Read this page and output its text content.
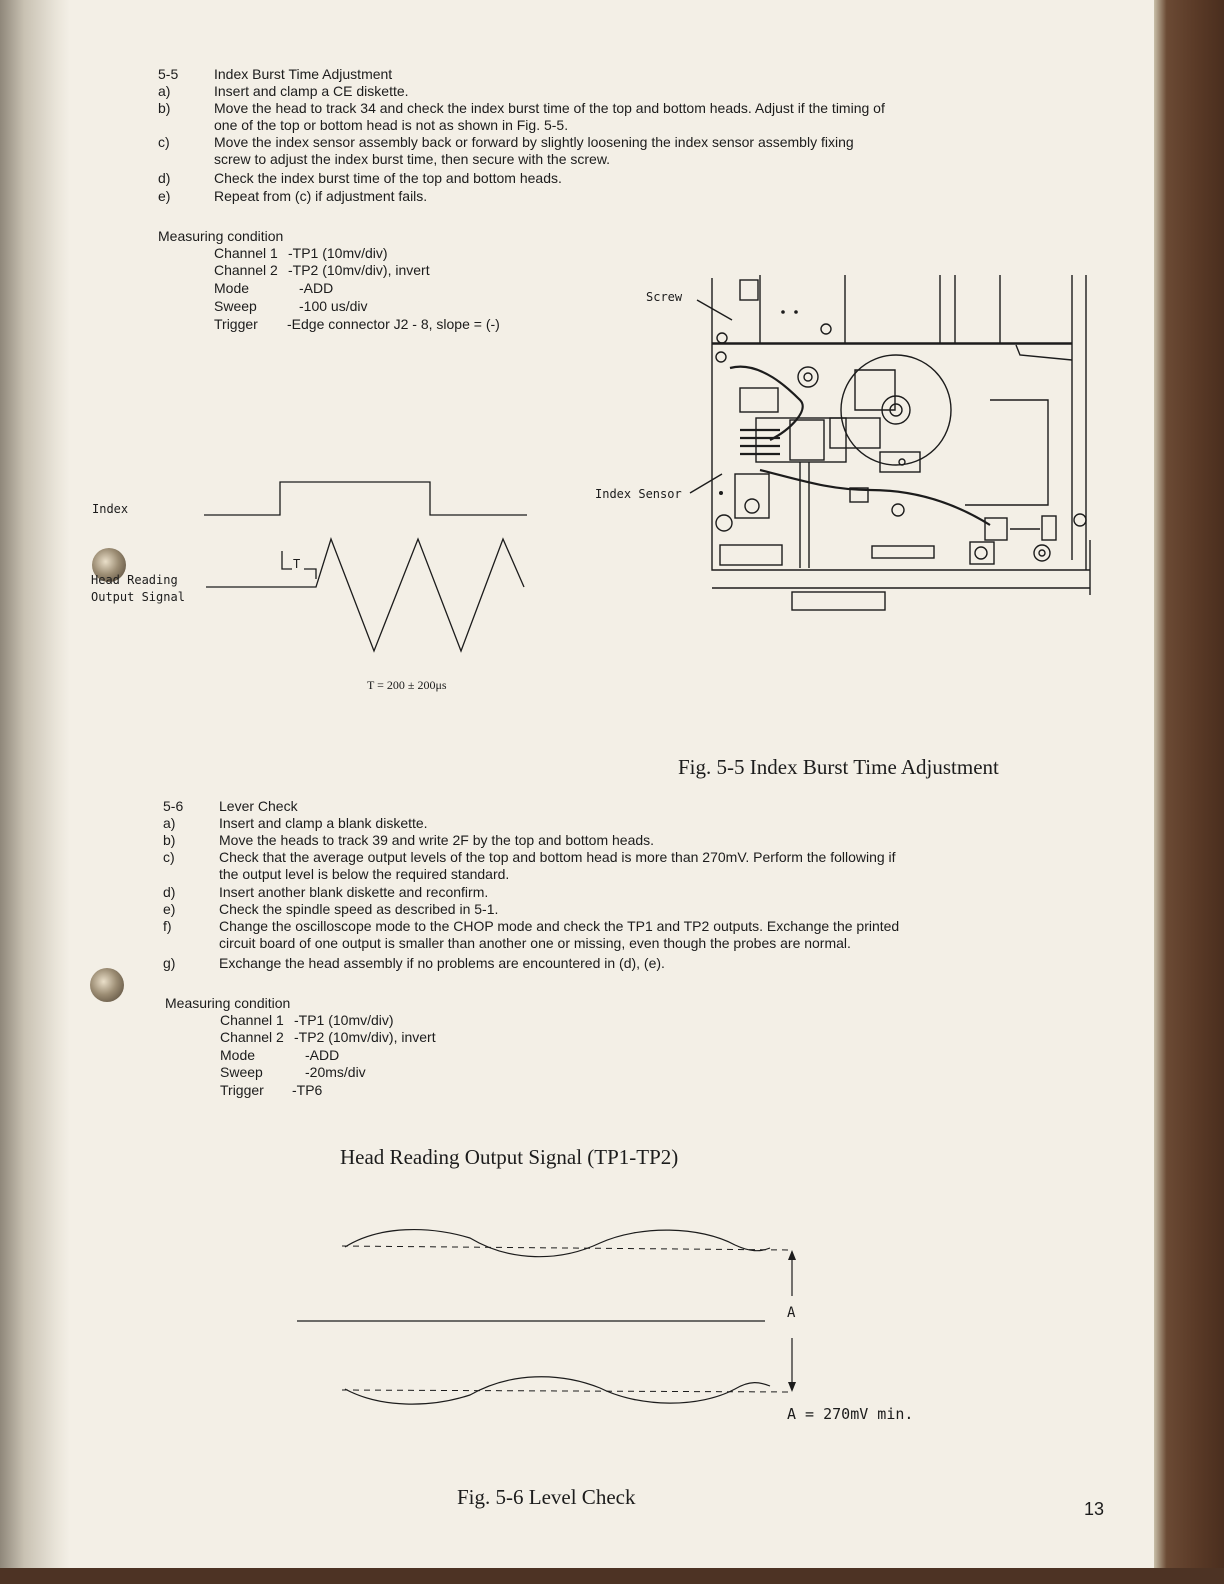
5-5	Index Burst Time Adjustment
a)	Insert and clamp a CE diskette.
b)	Move the head to track 34 and check the index burst time of the top and bottom heads. Adjust if the timing of
one of the top or bottom head is not as shown in Fig. 5-5.
c)	Move the index sensor assembly back or forward by slightly loosening the index sensor assembly fixing
screw to adjust the index burst time, then secure with the screw.
d)	Check the index burst time of the top and bottom heads.
e)	Repeat from (c) if adjustment fails.
Measuring condition
Channel 1 -TP1 (10mv/div)
Channel 2 -TP2 (10mv/div), invert
Mode	-ADD
Sweep	-100 us/div
Trigger -Edge connector J2 - 8, slope = (-)
Index
Head Reading
Output Signal
T
T = 200 ± 200μs
Screw
Index Sensor
Fig. 5-5 Index Burst Time Adjustment
5-6	Lever Check
a)	Insert and clamp a blank diskette.
b)	Move the heads to track 39 and write 2F by the top and bottom heads.
c)	Check that the average output levels of the top and bottom head is more than 270mV. Perform the following if
the output level is below the required standard.
d)	Insert another blank diskette and reconfirm.
e)	Check the spindle speed as described in 5-1.
f)	Change the oscilloscope mode to the CHOP mode and check the TP1 and TP2 outputs. Exchange the printed
circuit board of one output is smaller than another one or missing, even though the probes are normal.
g)	Exchange the head assembly if no problems are encountered in (d), (e).
Measuring condition
Channel 1 -TP1 (10mv/div)
Channel 2 -TP2 (10mv/div), invert
Mode	-ADD
Sweep	-20ms/div
Trigger -TP6
Head Reading Output Signal (TP1-TP2)
A
A = 270mV min.
Fig. 5-6 Level Check	13
